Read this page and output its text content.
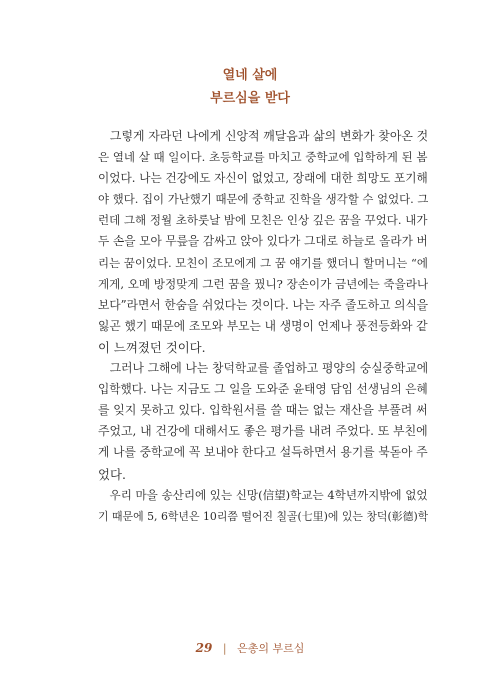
열네 살에
부르심을 받다
　그렇게 자라던 나에게 신앙적 깨달음과 삶의 변화가 찾아온 것
은 열네 살 때 일이다. 초등학교를 마치고 중학교에 입학하게 된 봄
이었다. 나는 건강에도 자신이 없었고, 장래에 대한 희망도 포기해
야 했다. 집이 가난했기 때문에 중학교 진학을 생각할 수 없었다. 그
런데 그해 정월 초하룻날 밤에 모친은 인상 깊은 꿈을 꾸었다. 내가
두 손을 모아 무릎을 감싸고 앉아 있다가 그대로 하늘로 올라가 버
리는 꿈이었다. 모친이 조모에게 그 꿈 얘기를 했더니 할머니는 “에
게게, 오메 방정맞게 그런 꿈을 꿨니? 장손이가 금년에는 죽을라나
보다”라면서 한숨을 쉬었다는 것이다. 나는 자주 졸도하고 의식을
잃곤 했기 때문에 조모와 부모는 내 생명이 언제나 풍전등화와 같
이 느껴졌던 것이다.
　그러나 그해에 나는 창덕학교를 졸업하고 평양의 숭실중학교에
입학했다. 나는 지금도 그 일을 도와준 윤태영 담임 선생님의 은혜
를 잊지 못하고 있다. 입학원서를 쓸 때는 없는 재산을 부풀려 써
주었고, 내 건강에 대해서도 좋은 평가를 내려 주었다. 또 부친에
게 나를 중학교에 꼭 보내야 한다고 설득하면서 용기를 북돋아 주
었다.
　우리 마을 송산리에 있는 신망(信望)학교는 4학년까지밖에 없었
기 때문에 5, 6학년은 10리쯤 떨어진 칠골(七里)에 있는 창덕(彰德)학
29 | 은총의 부르심
